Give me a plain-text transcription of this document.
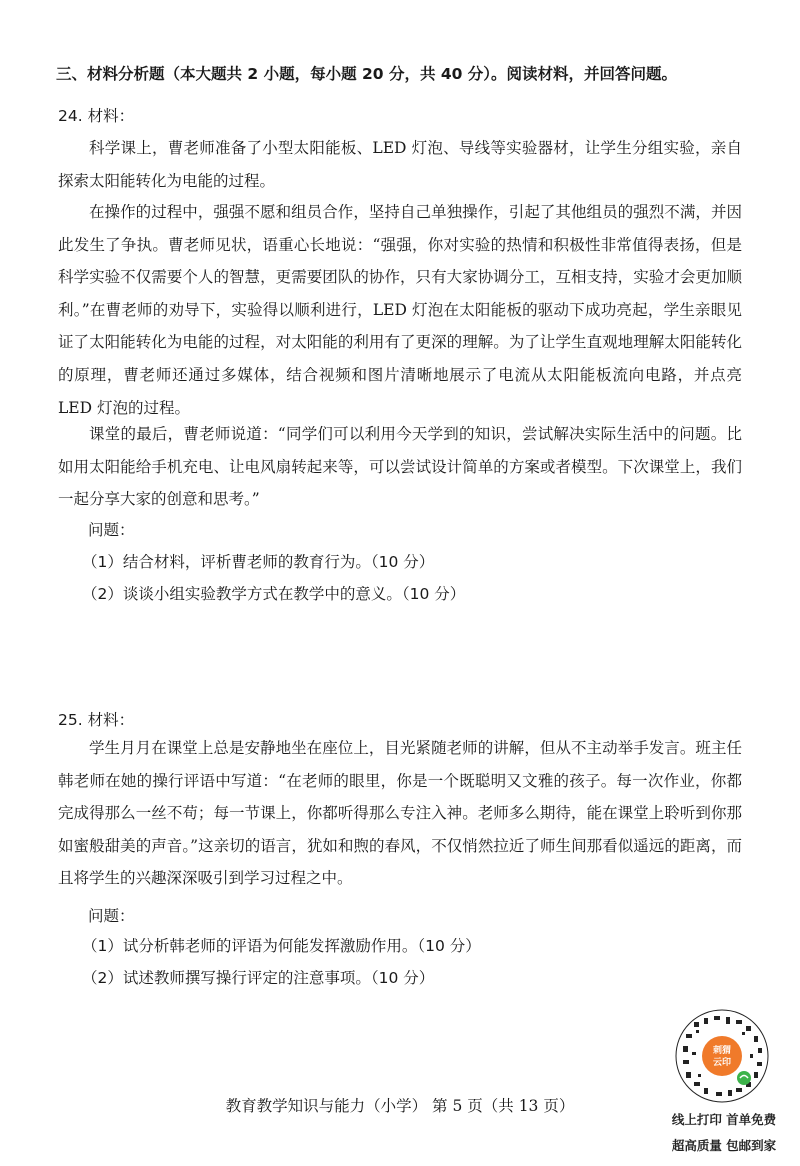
三、材料分析题（本大题共 2 小题，每小题 20 分，共 40 分）。阅读材料，并回答问题。
24. 材料：

科学课上，曹老师准备了小型太阳能板、LED 灯泡、导线等实验器材，让学生分组实验，亲自探索太阳能转化为电能的过程。

在操作的过程中，强强不愿和组员合作，坚持自己单独操作，引起了其他组员的强烈不满，并因此发生了争执。曹老师见状，语重心长地说：“强强，你对实验的热情和积极性非常值得表扬，但是科学实验不仅需要个人的智慧，更需要团队的协作，只有大家协调分工，互相支持，实验才会更加顺利。”在曹老师的劝导下，实验得以顺利进行，LED 灯泡在太阳能板的驱动下成功亮起，学生亲眼见证了太阳能转化为电能的过程，对太阳能的利用有了更深的理解。为了让学生直观地理解太阳能转化的原理，曹老师还通过多媒体，结合视频和图片清晰地展示了电流从太阳能板流向电路，并点亮 LED 灯泡的过程。

课堂的最后，曹老师说道：“同学们可以利用今天学到的知识，尝试解决实际生活中的问题。比如用太阳能给手机充电、让电风扇转起来等，可以尝试设计简单的方案或者模型。下次课堂上，我们一起分享大家的创意和思考。”

问题：
（1）结合材料，评析曹老师的教育行为。（10 分）
（2）谈谈小组实验教学方式在教学中的意义。（10 分）
25. 材料：

学生月月在课堂上总是安静地坐在座位上，目光紧随老师的讲解，但从不主动举手发言。班主任韩老师在她的操行评语中写道：“在老师的眼里，你是一个既聪明又文雅的孩子。每一次作业，你都完成得那么一丝不苟；每一节课上，你都听得那么专注入神。老师多么期待，能在课堂上聆听到你那如蜜般甜美的声音。”这亲切的语言，犹如和煦的春风，不仅悄然拉近了师生间那看似遥远的距离，而且将学生的兴趣深深吸引到学习过程之中。

问题：
（1）试分析韩老师的评语为何能发挥激励作用。（10 分）
（2）试述教师撰写操行评定的注意事项。（10 分）
教育教学知识与能力（小学） 第 5 页（共 13 页）
刺猬
云印
线上打印 首单免费
超高质量 包邮到家
